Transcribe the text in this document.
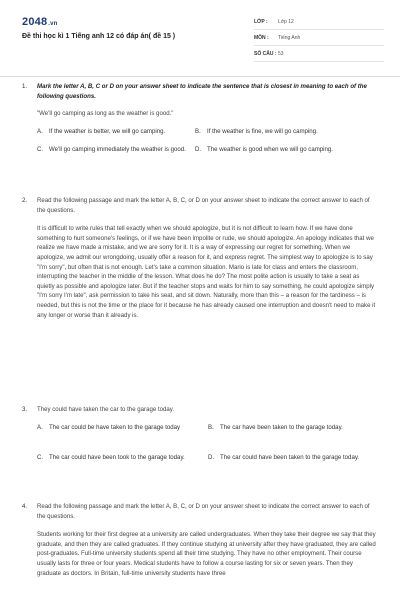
2048.vn
Đề thi học kì 1 Tiếng anh 12 có đáp án( đề 15 )
LỚP :	Lớp 12
MÔN :	Tiếng Anh
SỐ CÂU : 53
1. Mark the letter A, B, C or D on your answer sheet to indicate the sentence that is closest in meaning to each of the following questions.
"We'll go camping as long as the weather is good."
A.	If the weather is better, we will go camping.	B.	If the weather is fine, we will go camping.
C. We'll go camping immediately the weather is good. D. The weather is good when we will go camping.
2. Read the following passage and mark the letter A, B, C, or D on your answer sheet to indicate the correct answer to each of the questions.
It is difficult to write rules that tell exactly when we should apologize, but it is not difficult to learn how. If we have done something to hurt someone's feelings, or if we have been impolite or rude, we should apologize. An apology indicates that we realize we have made a mistake, and we are sorry for it. It is a way of expressing our regret for something. When we apologize, we admit our wrongdoing, usually offer a reason for it, and express regret. The simplest way to apologize is to say "I'm sorry", but often that is not enough. Let's take a common situation. Mario is late for class and enters the classroom, interrupting the teacher in the middle of the lesson. What does he do? The most polite action is usually to take a seat as quietly as possible and apologize later. But if the teacher stops and waits for him to say something, he could apologize simply "I'm sorry I'm late", ask permission to take his seat, and sit down. Naturally, more than this – a reason for the tardiness – is needed, but this is not the time or the place for it because he has already caused one interruption and doesn't need to make it any longer or worse than it already is.
3. They could have taken the car to the garage today.
A.	The car could be have taken to the garage today	B.	The car have been taken to the garage today.
C. The car could have been took to the garage today.	D. The car could have been taken to the garage today.
4. Read the following passage and mark the letter A, B, C, or D on your answer sheet to indicate the correct answer to each of the questions.
Students working for their first degree at a university are called undergraduates. When they take their degree we say that they graduate, and then they are called graduates. If they continue studying at university after they have graduated, they are called post-graduates. Full-time university students spend all their time studying. They have no other employment. Their course usually lasts for three or four years. Medical students have to follow a course lasting for six or seven years. Then they graduate as doctors. In Britain, full-time university students have three
